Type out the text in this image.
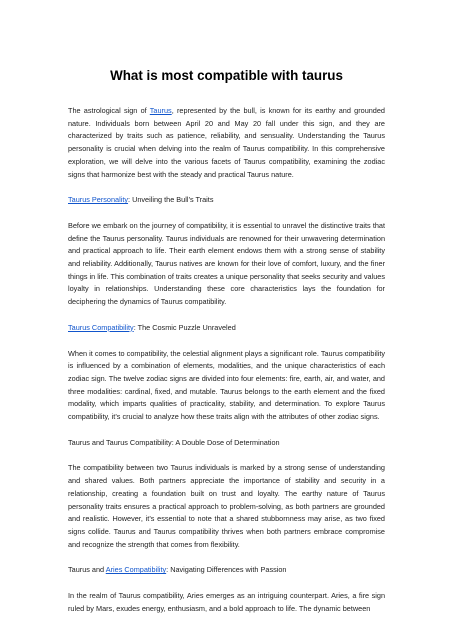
What is most compatible with taurus

The astrological sign of Taurus, represented by the bull, is known for its earthy and grounded nature. Individuals born between April 20 and May 20 fall under this sign, and they are characterized by traits such as patience, reliability, and sensuality. Understanding the Taurus personality is crucial when delving into the realm of Taurus compatibility. In this comprehensive exploration, we will delve into the various facets of Taurus compatibility, examining the zodiac signs that harmonize best with the steady and practical Taurus nature.

Taurus Personality: Unveiling the Bull’s Traits

Before we embark on the journey of compatibility, it is essential to unravel the distinctive traits that define the Taurus personality. Taurus individuals are renowned for their unwavering determination and practical approach to life. Their earth element endows them with a strong sense of stability and reliability. Additionally, Taurus natives are known for their love of comfort, luxury, and the finer things in life. This combination of traits creates a unique personality that seeks security and values loyalty in relationships. Understanding these core characteristics lays the foundation for deciphering the dynamics of Taurus compatibility.

Taurus Compatibility: The Cosmic Puzzle Unraveled

When it comes to compatibility, the celestial alignment plays a significant role. Taurus compatibility is influenced by a combination of elements, modalities, and the unique characteristics of each zodiac sign. The twelve zodiac signs are divided into four elements: fire, earth, air, and water, and three modalities: cardinal, fixed, and mutable. Taurus belongs to the earth element and the fixed modality, which imparts qualities of practicality, stability, and determination. To explore Taurus compatibility, it’s crucial to analyze how these traits align with the attributes of other zodiac signs.

Taurus and Taurus Compatibility: A Double Dose of Determination

The compatibility between two Taurus individuals is marked by a strong sense of understanding and shared values. Both partners appreciate the importance of stability and security in a relationship, creating a foundation built on trust and loyalty. The earthy nature of Taurus personality traits ensures a practical approach to problem-solving, as both partners are grounded and realistic. However, it’s essential to note that a shared stubbornness may arise, as two fixed signs collide. Taurus and Taurus compatibility thrives when both partners embrace compromise and recognize the strength that comes from flexibility.

Taurus and Aries Compatibility: Navigating Differences with Passion

In the realm of Taurus compatibility, Aries emerges as an intriguing counterpart. Aries, a fire sign ruled by Mars, exudes energy, enthusiasm, and a bold approach to life. The dynamic between
